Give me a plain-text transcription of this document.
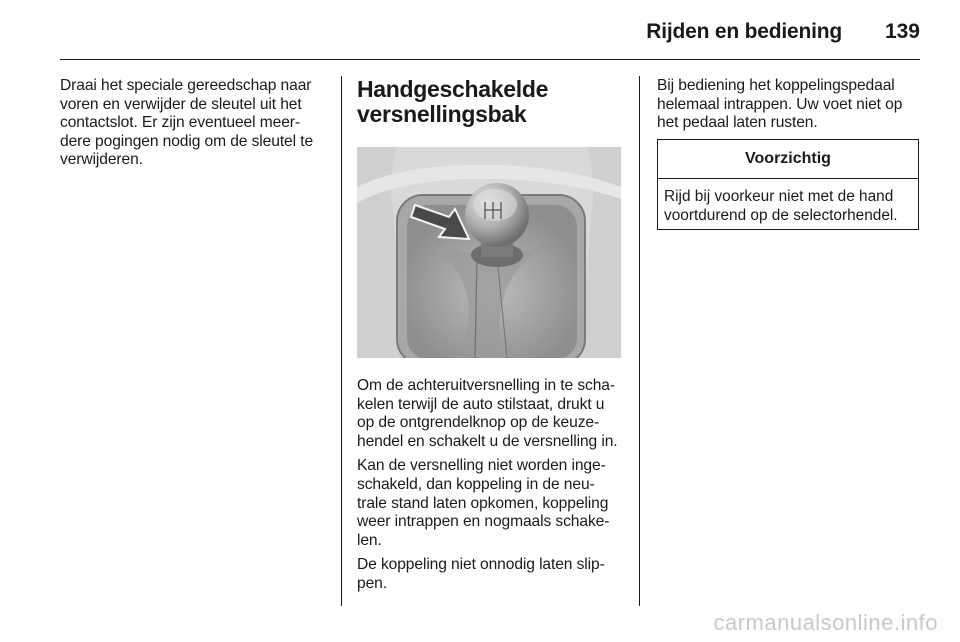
Rijden en bediening 139

Draai het speciale gereedschap naar voren en verwijder de sleutel uit het contactslot. Er zijn eventueel meer-dere pogingen nodig om de sleutel te verwijderen.

Handgeschakelde
versnellingsbak

Om de achteruitversnelling in te scha-kelen terwijl de auto stilstaat, drukt u op de ontgrendelknop op de keuze-hendel en schakelt u de versnelling in.

Kan de versnelling niet worden inge-schakeld, dan koppeling in de neu-trale stand laten opkomen, koppeling weer intrappen en nogmaals schake-len.

De koppeling niet onnodig laten slip-pen.

Bij bediening het koppelingspedaal helemaal intrappen. Uw voet niet op het pedaal laten rusten.

Voorzichtig
Rijd bij voorkeur niet met de hand voortdurend op de selectorhendel.
carmanualsonline.info
